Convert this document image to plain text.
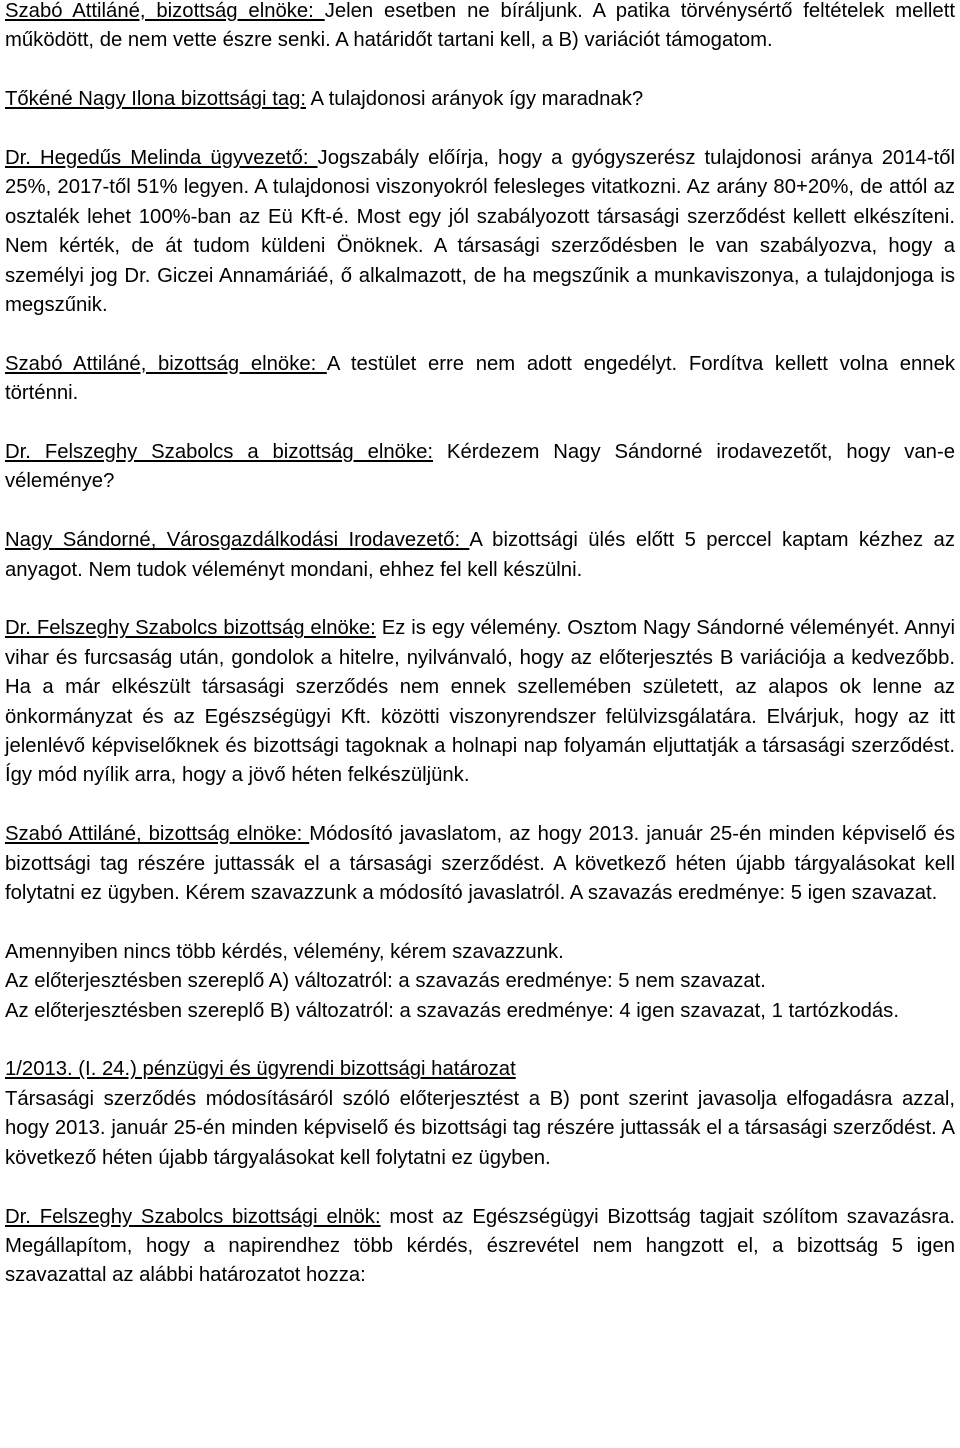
Szabó Attiláné, bizottság elnöke: Jelen esetben ne bíráljunk. A patika törvénysértő feltételek mellett működött, de nem vette észre senki. A határidőt tartani kell, a B) variációt támogatom.

Tőkéné Nagy Ilona bizottsági tag: A tulajdonosi arányok így maradnak?

Dr. Hegedűs Melinda ügyvezető: Jogszabály előírja, hogy a gyógyszerész tulajdonosi aránya 2014-től 25%, 2017-től 51% legyen. A tulajdonosi viszonyokról felesleges vitatkozni. Az arány 80+20%, de attól az osztalék lehet 100%-ban az Eü Kft-é. Most egy jól szabályozott társasági szerződést kellett elkészíteni. Nem kérték, de át tudom küldeni Önöknek. A társasági szerződésben le van szabályozva, hogy a személyi jog Dr. Giczei Annamáriáé, ő alkalmazott, de ha megszűnik a munkaviszonya, a tulajdonjoga is megszűnik.

Szabó Attiláné, bizottság elnöke: A testület erre nem adott engedélyt. Fordítva kellett volna ennek történni.

Dr. Felszeghy Szabolcs a bizottság elnöke: Kérdezem Nagy Sándorné irodavezetőt, hogy van-e véleménye?

Nagy Sándorné, Városgazdálkodási Irodavezető: A bizottsági ülés előtt 5 perccel kaptam kézhez az anyagot. Nem tudok véleményt mondani, ehhez fel kell készülni.

Dr. Felszeghy Szabolcs bizottság elnöke: Ez is egy vélemény. Osztom Nagy Sándorné véleményét. Annyi vihar és furcsaság után, gondolok a hitelre, nyilvánvaló, hogy az előterjesztés B variációja a kedvezőbb. Ha a már elkészült társasági szerződés nem ennek szellemében született, az alapos ok lenne az önkormányzat és az Egészségügyi Kft. közötti viszonyrendszer felülvizsgálatára. Elvárjuk, hogy az itt jelenlévő képviselőknek és bizottsági tagoknak a holnapi nap folyamán eljuttatják a társasági szerződést. Így mód nyílik arra, hogy a jövő héten felkészüljünk.

Szabó Attiláné, bizottság elnöke: Módosító javaslatom, az hogy 2013. január 25-én minden képviselő és bizottsági tag részére juttassák el a társasági szerződést. A következő héten újabb tárgyalásokat kell folytatni ez ügyben. Kérem szavazzunk a módosító javaslatról. A szavazás eredménye: 5 igen szavazat.

Amennyiben nincs több kérdés, vélemény, kérem szavazzunk.

Az előterjesztésben szereplő A) változatról: a szavazás eredménye: 5 nem szavazat.

Az előterjesztésben szereplő B) változatról: a szavazás eredménye: 4 igen szavazat, 1 tartózkodás.

1/2013. (I. 24.) pénzügyi és ügyrendi bizottsági határozat

Társasági szerződés módosításáról szóló előterjesztést a B) pont szerint javasolja elfogadásra azzal, hogy 2013. január 25-én minden képviselő és bizottsági tag részére juttassák el a társasági szerződést. A következő héten újabb tárgyalásokat kell folytatni ez ügyben.

Dr. Felszeghy Szabolcs bizottsági elnök: most az Egészségügyi Bizottság tagjait szólítom szavazásra. Megállapítom, hogy a napirendhez több kérdés, észrevétel nem hangzott el, a bizottság 5 igen szavazattal az alábbi határozatot hozza:
